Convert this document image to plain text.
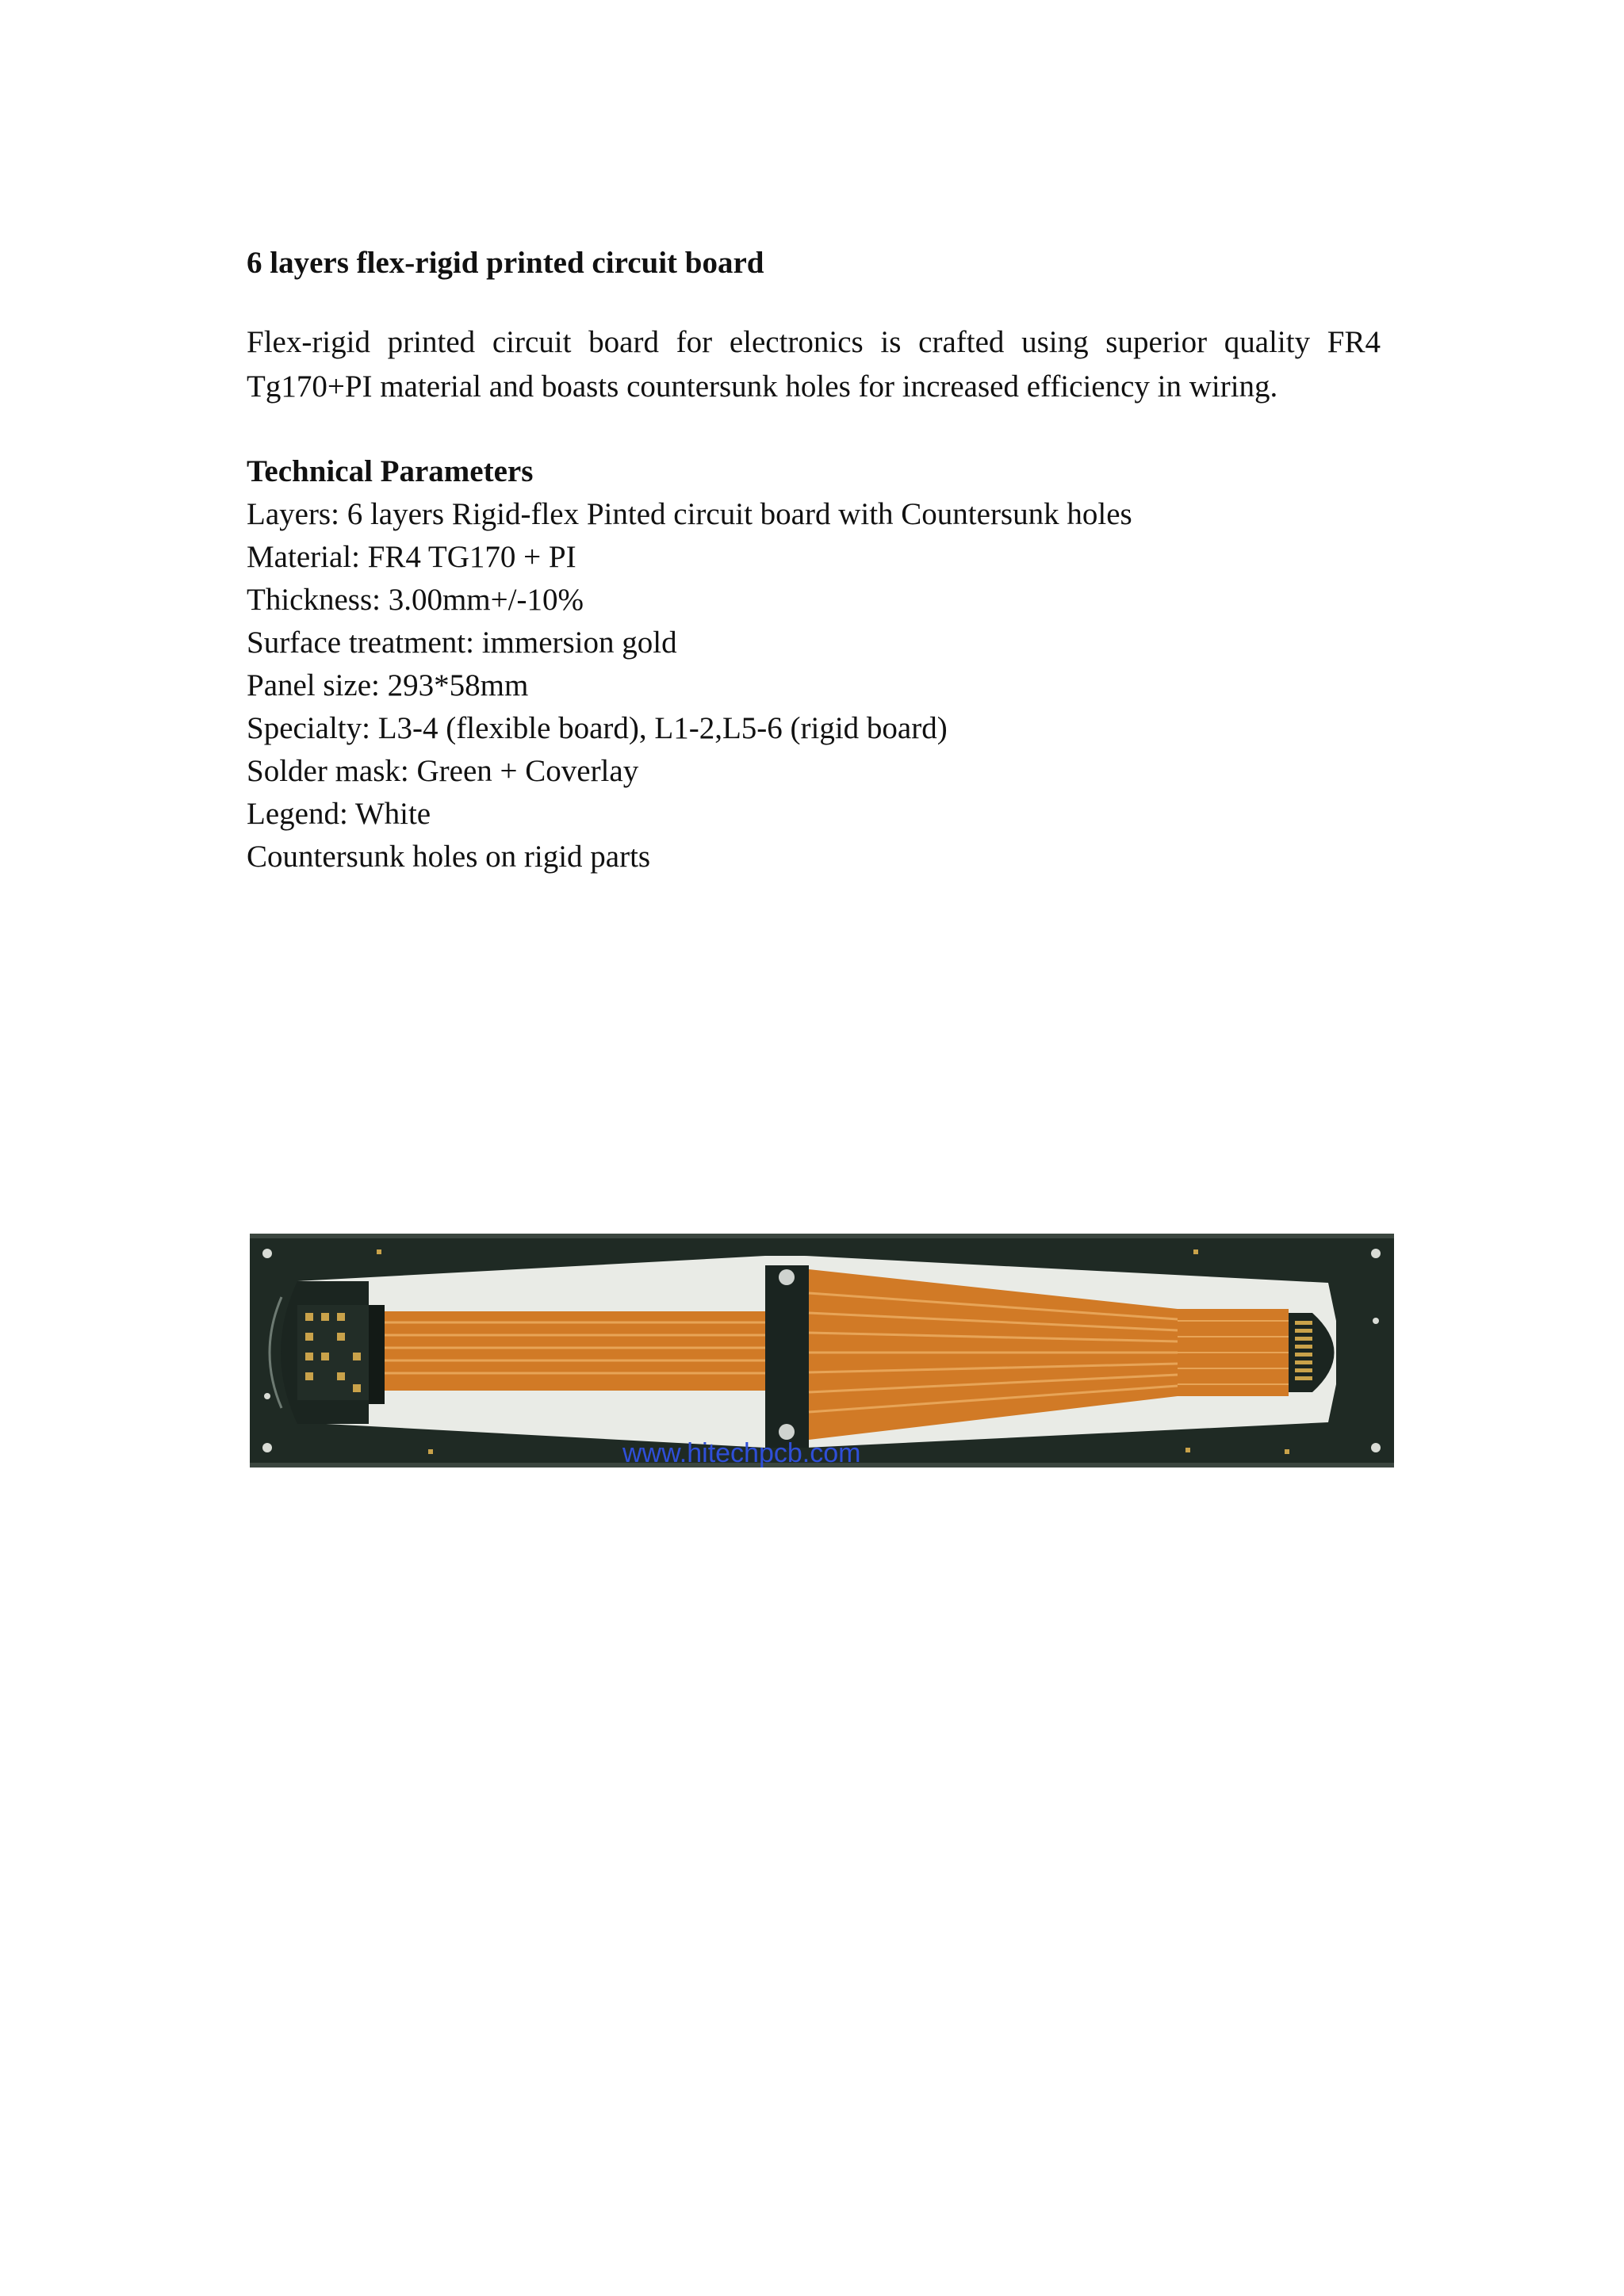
6 layers flex-rigid printed circuit board

Flex-rigid printed circuit board for electronics is crafted using superior quality FR4 Tg170+PI material and boasts countersunk holes for increased efficiency in wiring.

Technical Parameters
Layers: 6 layers Rigid-flex Pinted circuit board with Countersunk holes
Material: FR4 TG170 + PI
Thickness: 3.00mm+/-10%
Surface treatment: immersion gold
Panel size: 293*58mm
Specialty: L3-4 (flexible board), L1-2,L5-6 (rigid board)
Solder mask: Green + Coverlay
Legend: White
Countersunk holes on rigid parts
www.hitechpcb.com
